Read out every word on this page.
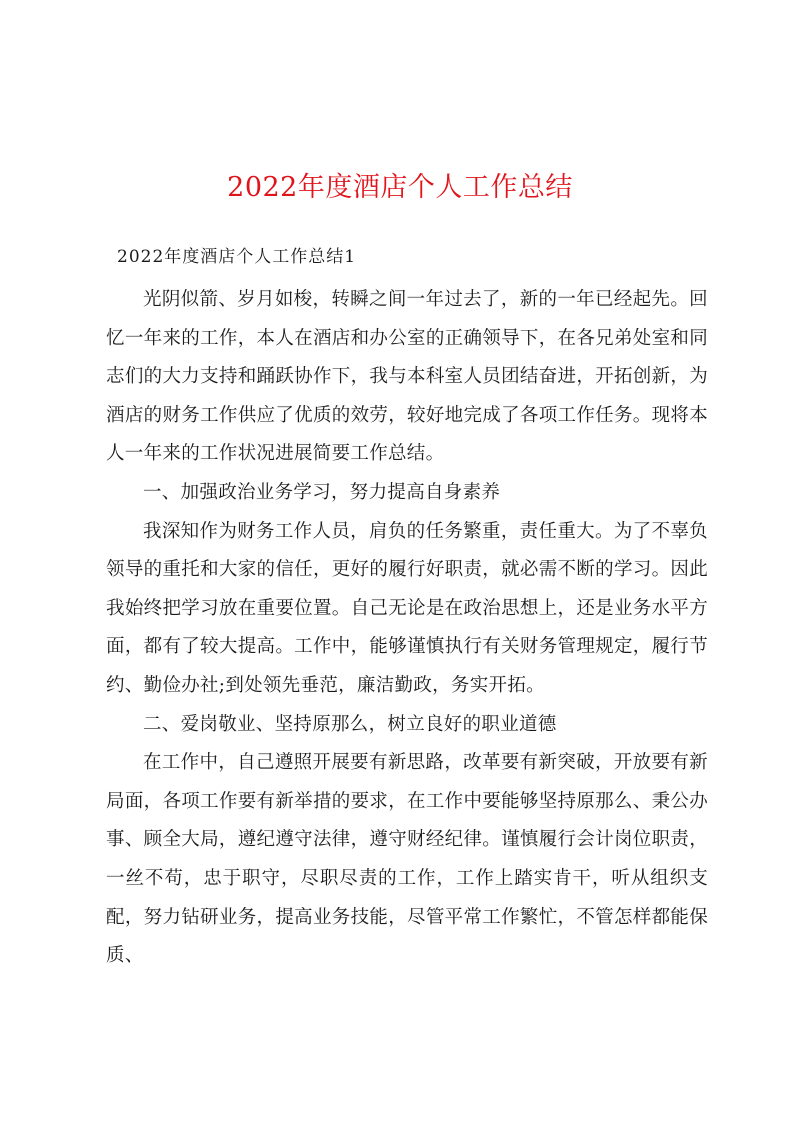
2022年度酒店个人工作总结

2022年度酒店个人工作总结1

光阴似箭、岁月如梭，转瞬之间一年过去了，新的一年已经起先。回忆一年来的工作，本人在酒店和办公室的正确领导下，在各兄弟处室和同志们的大力支持和踊跃协作下，我与本科室人员团结奋进，开拓创新，为酒店的财务工作供应了优质的效劳，较好地完成了各项工作任务。现将本人一年来的工作状况进展简要工作总结。

一、加强政治业务学习，努力提高自身素养

我深知作为财务工作人员，肩负的任务繁重，责任重大。为了不辜负领导的重托和大家的信任，更好的履行好职责，就必需不断的学习。因此我始终把学习放在重要位置。自己无论是在政治思想上，还是业务水平方面，都有了较大提高。工作中，能够谨慎执行有关财务管理规定，履行节约、勤俭办社;到处领先垂范，廉洁勤政，务实开拓。

二、爱岗敬业、坚持原那么，树立良好的职业道德

在工作中，自己遵照开展要有新思路，改革要有新突破，开放要有新局面，各项工作要有新举措的要求，在工作中要能够坚持原那么、秉公办事、顾全大局，遵纪遵守法律，遵守财经纪律。谨慎履行会计岗位职责，一丝不苟，忠于职守，尽职尽责的工作，工作上踏实肯干，听从组织支配，努力钻研业务，提高业务技能，尽管平常工作繁忙，不管怎样都能保质、
